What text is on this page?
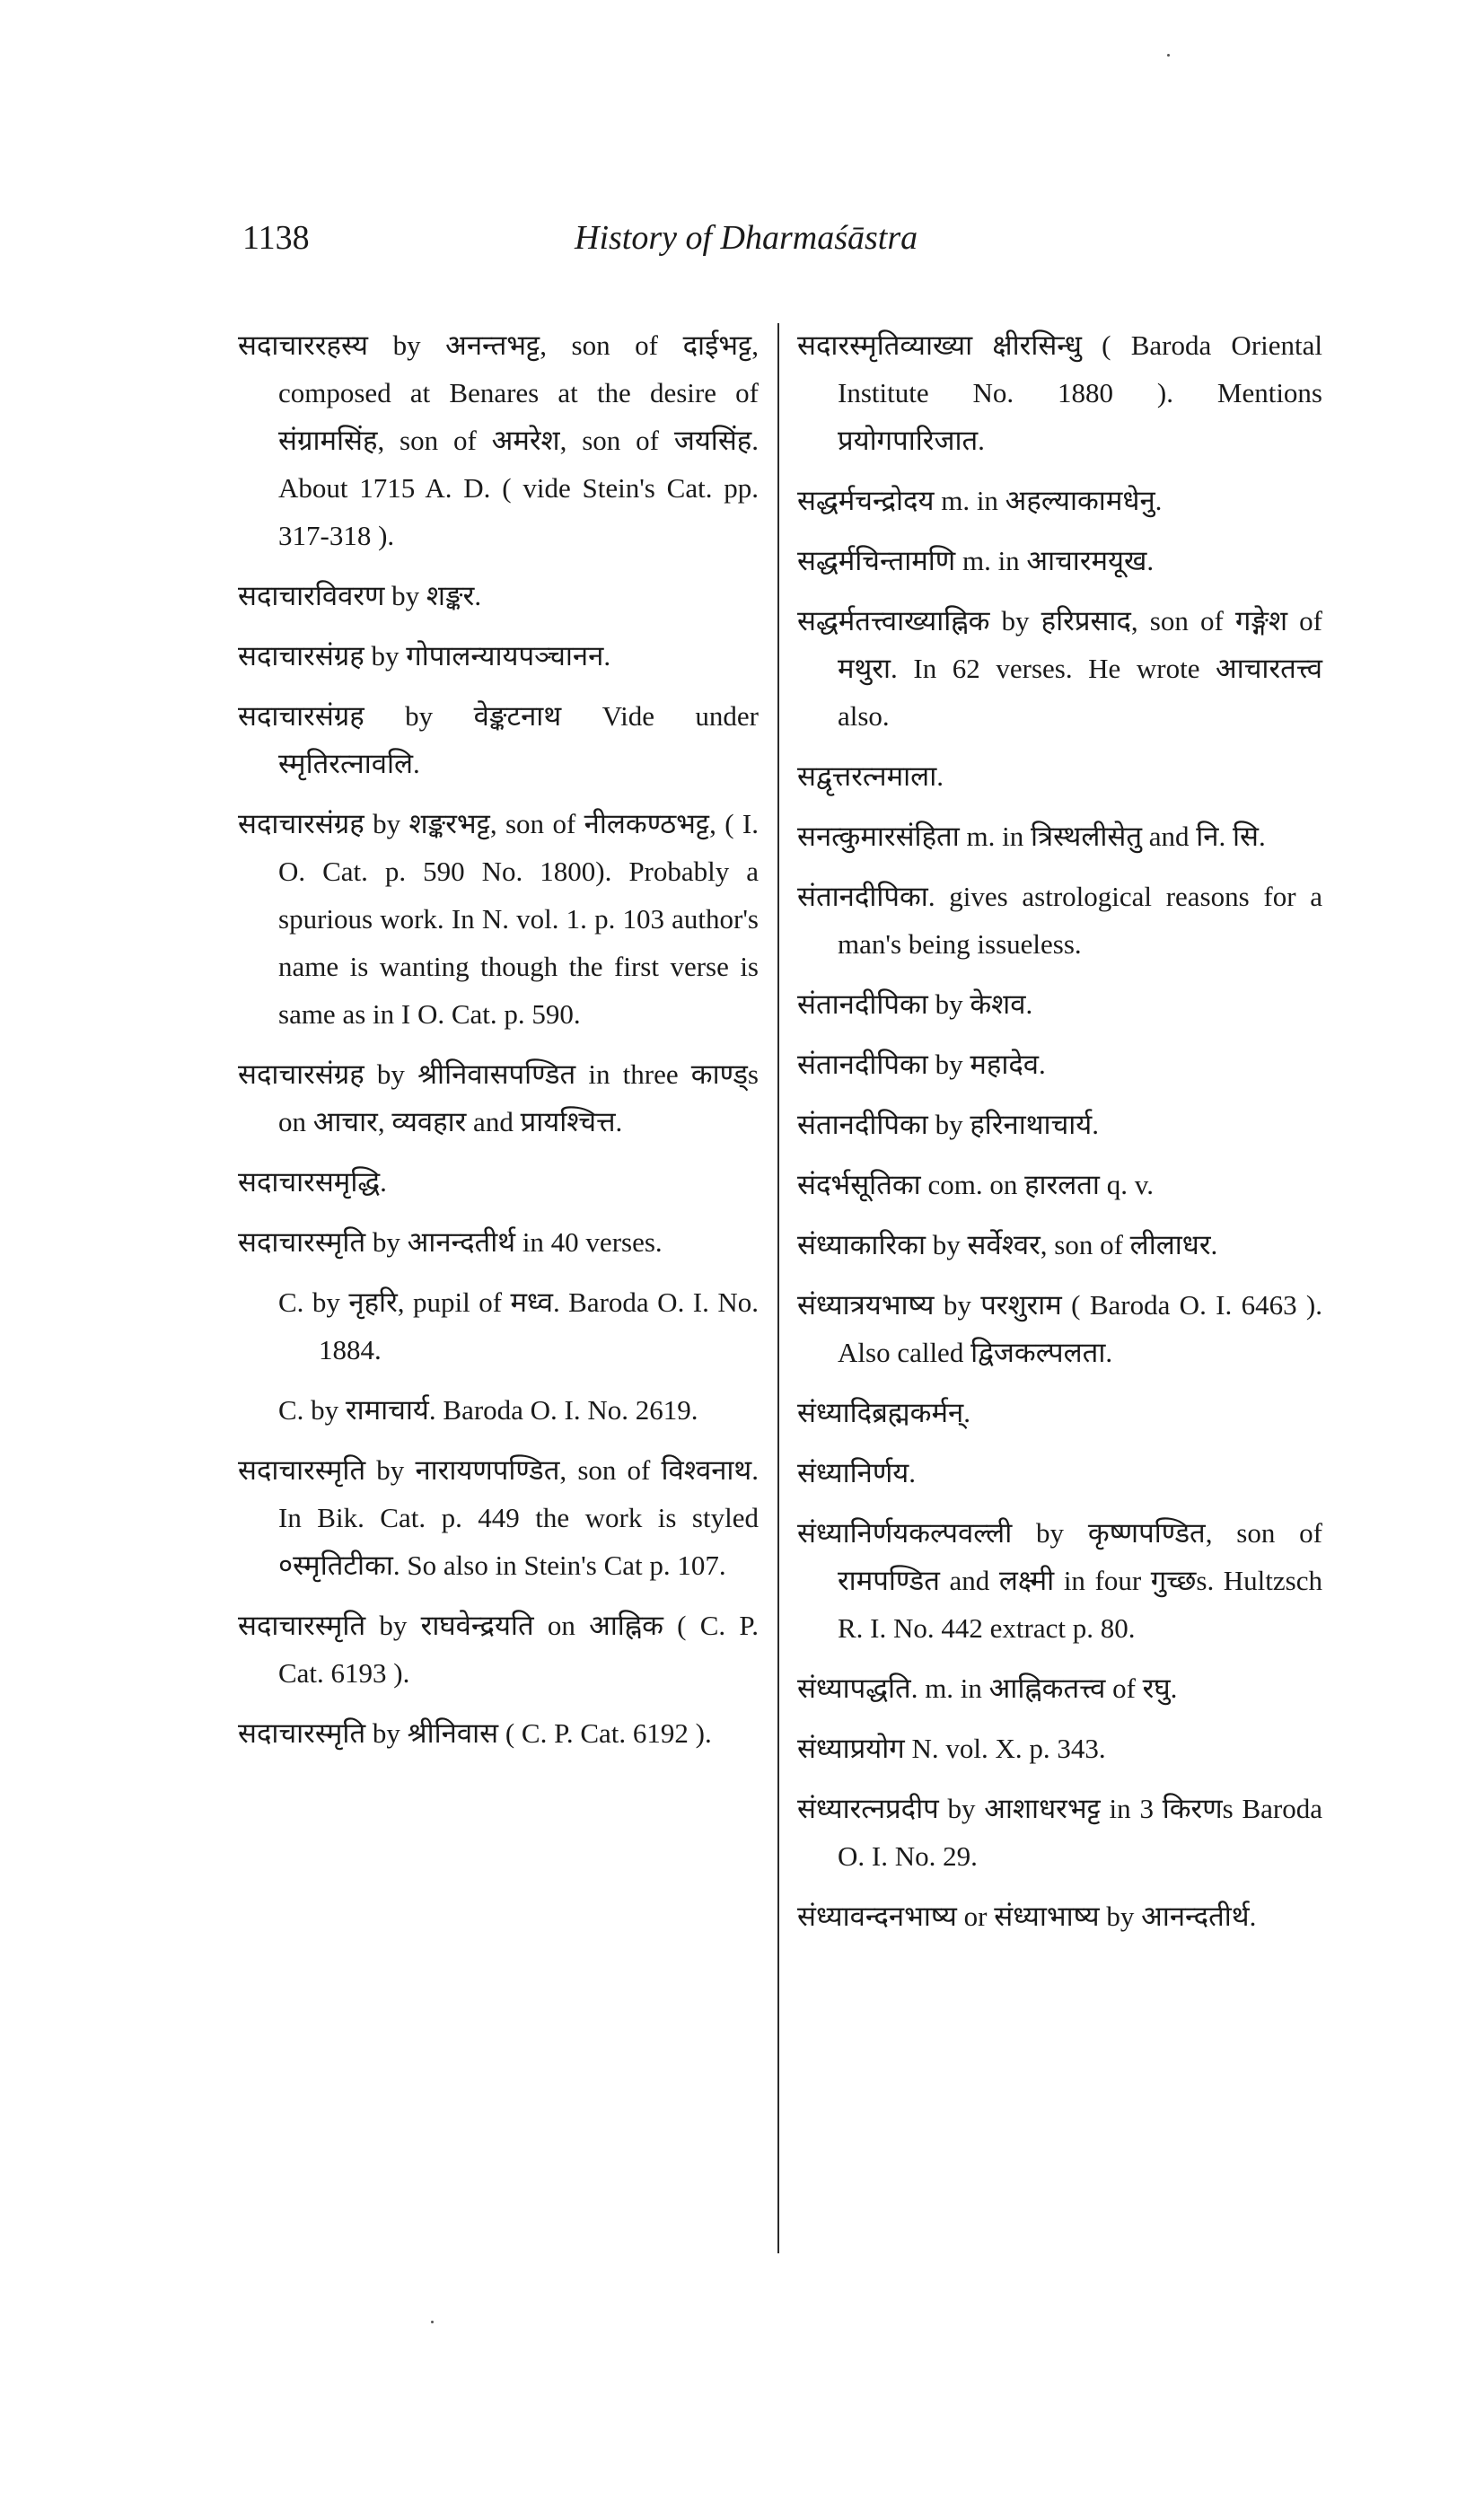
1138	History of Dharmaśāstra

सदाचाररहस्य by अनन्तभट्ट, son of दाईभट्ट, composed at Benares at the desire of संग्रामसिंह, son of अमरेश, son of जयसिंह. About 1715 A. D. ( vide Stein's Cat. pp. 317-318 ).

सदाचारविवरण by शङ्कर.

सदाचारसंग्रह by गोपालन्यायपञ्चानन.

सदाचारसंग्रह by वेङ्कटनाथ Vide under स्मृतिरत्नावलि.

सदाचारसंग्रह by शङ्करभट्ट, son of नीलकण्ठभट्ट, ( I. O. Cat. p. 590 No. 1800). Probably a spurious work. In N. vol. 1. p. 103 author's name is wanting though the first verse is same as in I O. Cat. p. 590.

सदाचारसंग्रह by श्रीनिवासपण्डित in three काण्ड्s on आचार, व्यवहार and प्रायश्चित्त.

सदाचारसमृद्धि.

सदाचारस्मृति by आनन्दतीर्थ in 40 verses.

C. by नृहरि, pupil of मध्व. Baroda O. I. No. 1884.

C. by रामाचार्य. Baroda O. I. No. 2619.

सदाचारस्मृति by नारायणपण्डित, son of विश्वनाथ. In Bik. Cat. p. 449 the work is styled ०स्मृतिटीका. So also in Stein's Cat p. 107.

सदाचारस्मृति by राघवेन्द्रयति on आह्निक ( C. P. Cat. 6193 ).

सदाचारस्मृति by श्रीनिवास ( C. P. Cat. 6192 ).

सदारस्मृतिव्याख्या क्षीरसिन्धु ( Baroda Oriental Institute No. 1880 ). Mentions प्रयोगपारिजात.

सद्धर्मचन्द्रोदय m. in अहल्याकामधेनु.

सद्धर्मचिन्तामणि m. in आचारमयूख.

सद्धर्मतत्त्वाख्याह्निक by हरिप्रसाद, son of गङ्गेश of मथुरा. In 62 verses. He wrote आचारतत्त्व also.

सद्वृत्तरत्नमाला.

सनत्कुमारसंहिता m. in त्रिस्थलीसेतु and नि. सि.

संतानदीपिका. gives astrological reasons for a man's being issueless.

संतानदीपिका by केशव.

संतानदीपिका by महादेव.

संतानदीपिका by हरिनाथाचार्य.

संदर्भसूतिका com. on हारलता q. v.

संध्याकारिका by सर्वेश्वर, son of लीलाधर.

संध्यात्रयभाष्य by परशुराम ( Baroda O. I. 6463 ). Also called द्विजकल्पलता.

संध्यादिब्रह्मकर्मन्.

संध्यानिर्णय.

संध्यानिर्णयकल्पवल्ली by कृष्णपण्डित, son of रामपण्डित and लक्ष्मी in four गुच्छs. Hultzsch R. I. No. 442 extract p. 80.

संध्यापद्धति. m. in आह्निकतत्त्व of रघु.

संध्याप्रयोग N. vol. X. p. 343.

संध्यारत्नप्रदीप by आशाधरभट्ट in 3 किरणs Baroda O. I. No. 29.

संध्यावन्दनभाष्य or संध्याभाष्य by आनन्दतीर्थ.
